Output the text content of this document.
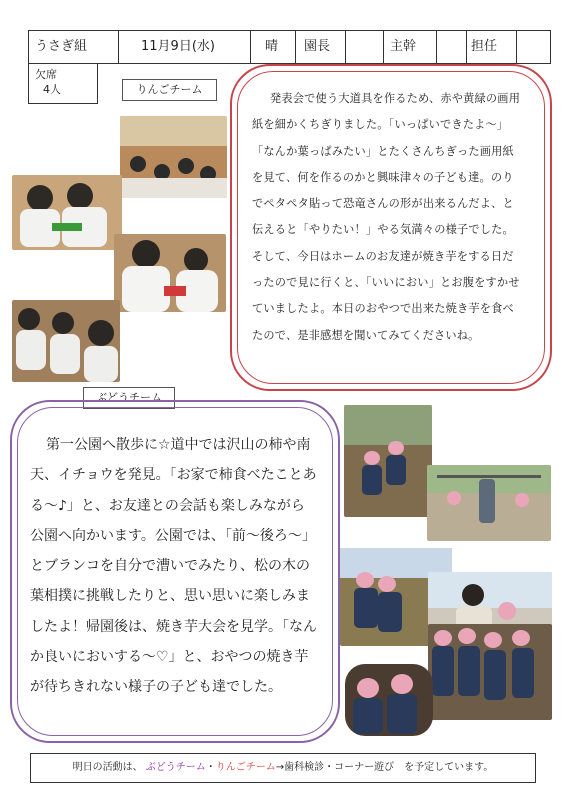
うさぎ組	11月9日(水)	晴	園長	主幹	担任
欠席
4人	りんごチーム
発表会で使う大道具を作るため、赤や黄緑の画用
紙を細かくちぎりました。「いっぱいできたよ～」
「なんか葉っぱみたい」とたくさんちぎった画用紙
を見て、何を作るのかと興味津々の子ども達。のり
でペタペタ貼って恐竜さんの形が出来るんだよ、と
伝えると「やりたい！」やる気満々の様子でした。
そして、今日はホームのお友達が焼き芋をする日だ
ったので見に行くと、「いいにおい」とお腹をすかせ
ていましたよ。本日のおやつで出来た焼き芋を食べ
たので、是非感想を聞いてみてくださいね。
ぶどうチーム
第一公園へ散歩に☆道中では沢山の柿や南
天、イチョウを発見。「お家で柿食べたことあ
る～♪」と、お友達との会話も楽しみながら
公園へ向かいます。公園では、「前～後ろ～」
とブランコを自分で漕いでみたり、松の木の
葉相撲に挑戦したりと、思い思いに楽しみま
したよ！帰園後は、焼き芋大会を見学。「なん
か良いにおいする～♡」と、おやつの焼き芋
が待ちきれない様子の子ども達でした。
明日の活動は、 ぶどうチーム・りんごチーム→歯科検診・コーナー遊び　を予定しています。
